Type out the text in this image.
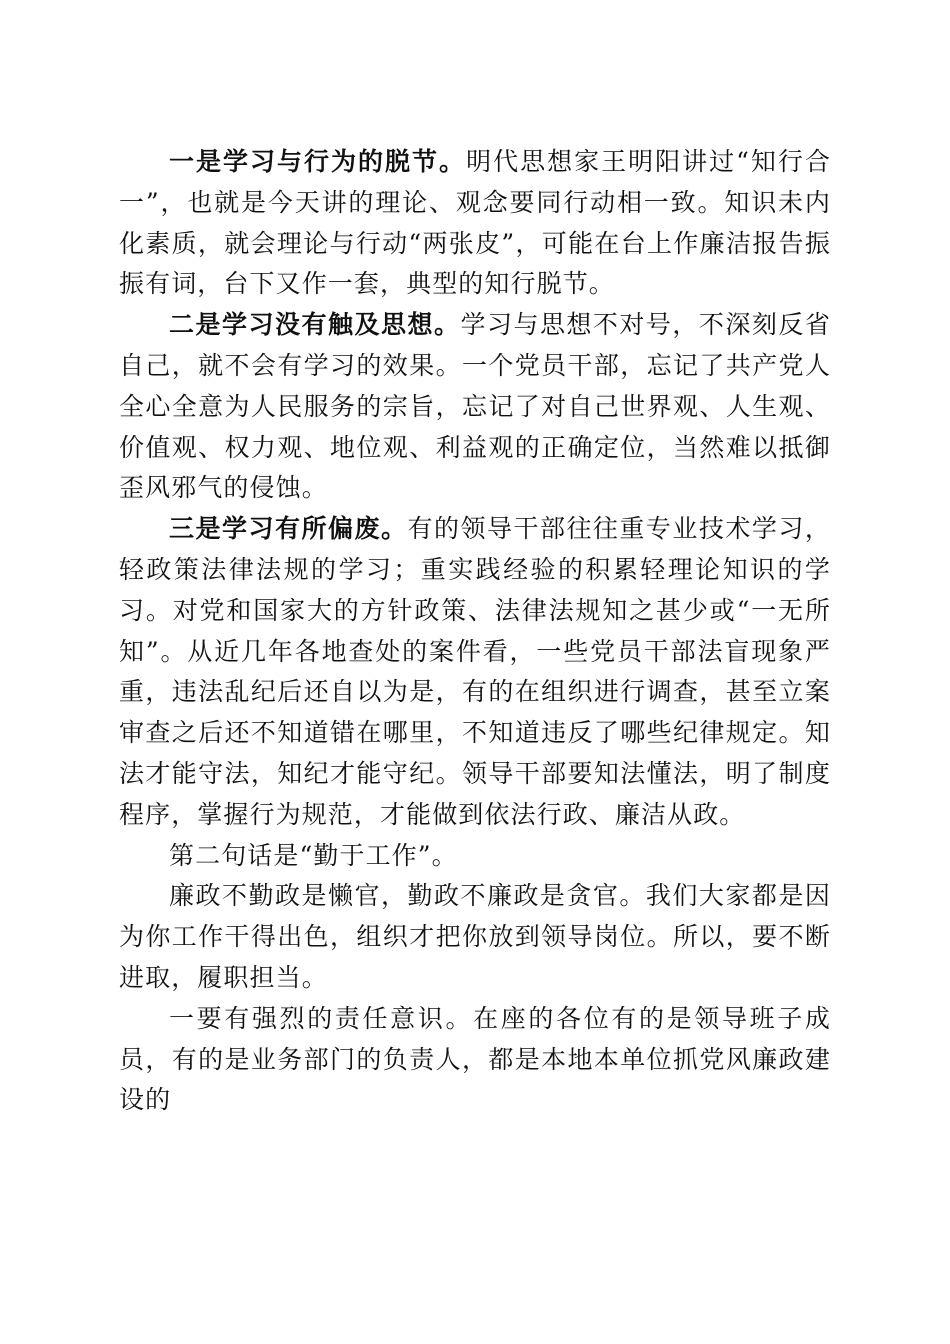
一是学习与行为的脱节。明代思想家王明阳讲过“知行合一”，也就是今天讲的理论、观念要同行动相一致。知识未内化素质，就会理论与行动“两张皮”，可能在台上作廉洁报告振振有词，台下又作一套，典型的知行脱节。

二是学习没有触及思想。学习与思想不对号，不深刻反省自己，就不会有学习的效果。一个党员干部，忘记了共产党人全心全意为人民服务的宗旨，忘记了对自己世界观、人生观、价值观、权力观、地位观、利益观的正确定位，当然难以抵御歪风邪气的侵蚀。

三是学习有所偏废。有的领导干部往往重专业技术学习，轻政策法律法规的学习；重实践经验的积累轻理论知识的学习。对党和国家大的方针政策、法律法规知之甚少或“一无所知”。从近几年各地查处的案件看，一些党员干部法盲现象严重，违法乱纪后还自以为是，有的在组织进行调查，甚至立案审查之后还不知道错在哪里，不知道违反了哪些纪律规定。知法才能守法，知纪才能守纪。领导干部要知法懂法，明了制度程序，掌握行为规范，才能做到依法行政、廉洁从政。

第二句话是“勤于工作”。

廉政不勤政是懒官，勤政不廉政是贪官。我们大家都是因为你工作干得出色，组织才把你放到领导岗位。所以，要不断进取，履职担当。

一要有强烈的责任意识。在座的各位有的是领导班子成员，有的是业务部门的负责人，都是本地本单位抓党风廉政建设的
